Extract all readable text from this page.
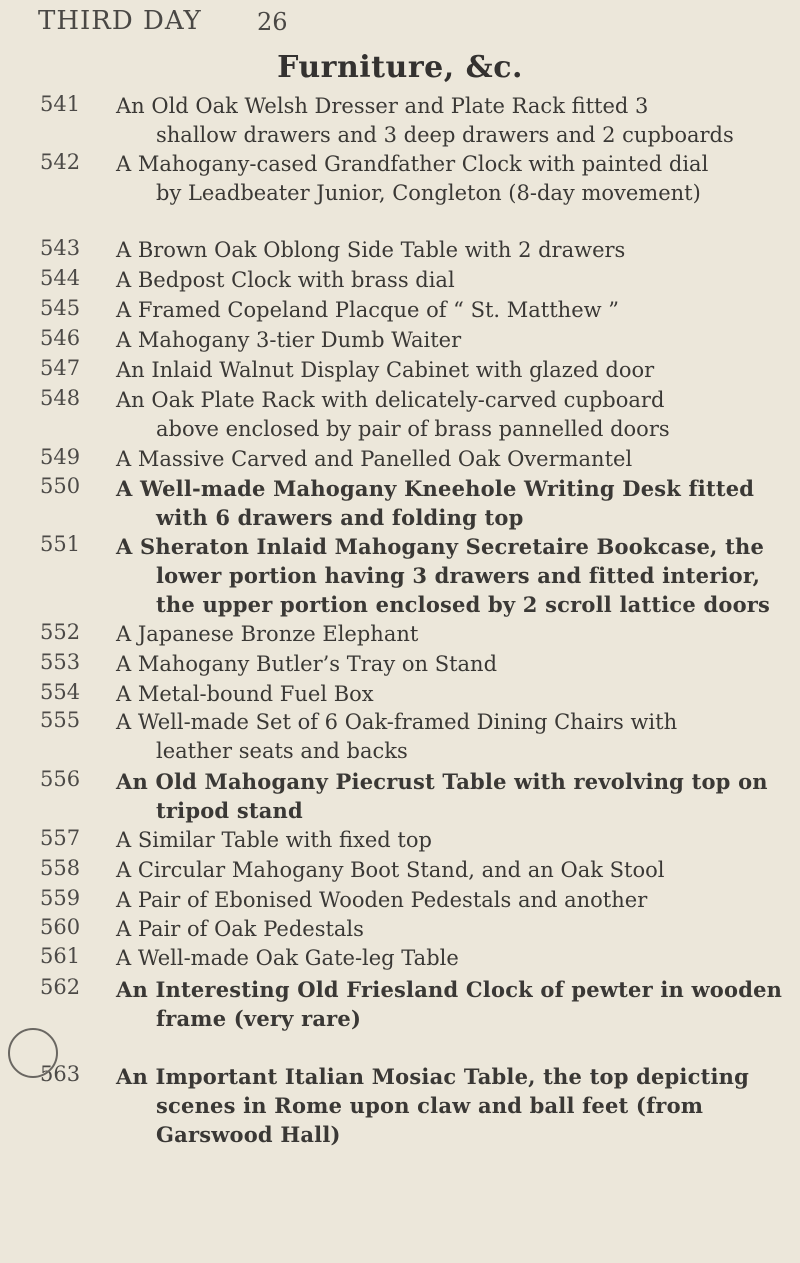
THIRD DAY 26
Furniture, &c.
541 An Old Oak Welsh Dresser and Plate Rack fitted 3
shallow drawers and 3 deep drawers and 2 cupboards
542 A Mahogany-cased Grandfather Clock with painted dial
by Leadbeater Junior, Congleton (8-day movement)
543 A Brown Oak Oblong Side Table with 2 drawers
544 A Bedpost Clock with brass dial
545 A Framed Copeland Placque of “ St. Matthew ”
546 A Mahogany 3-tier Dumb Waiter
547 An Inlaid Walnut Display Cabinet with glazed door
548 An Oak Plate Rack with delicately-carved cupboard
above enclosed by pair of brass pannelled doors
549 A Massive Carved and Panelled Oak Overmantel
550 A Well-made Mahogany Kneehole Writing Desk fitted
with 6 drawers and folding top
551 A Sheraton Inlaid Mahogany Secretaire Bookcase, the
lower portion having 3 drawers and fitted interior,
the upper portion enclosed by 2 scroll lattice doors
552 A Japanese Bronze Elephant
553 A Mahogany Butler’s Tray on Stand
554 A Metal-bound Fuel Box
555 A Well-made Set of 6 Oak-framed Dining Chairs with
leather seats and backs
556 An Old Mahogany Piecrust Table with revolving top on
tripod stand
557 A Similar Table with fixed top
558 A Circular Mahogany Boot Stand, and an Oak Stool
559 A Pair of Ebonised Wooden Pedestals and another
560 A Pair of Oak Pedestals
561 A Well-made Oak Gate-leg Table
562 An Interesting Old Friesland Clock of pewter in wooden
frame (very rare)
563 An Important Italian Mosiac Table, the top depicting
scenes in Rome upon claw and ball feet (from
Garswood Hall)
